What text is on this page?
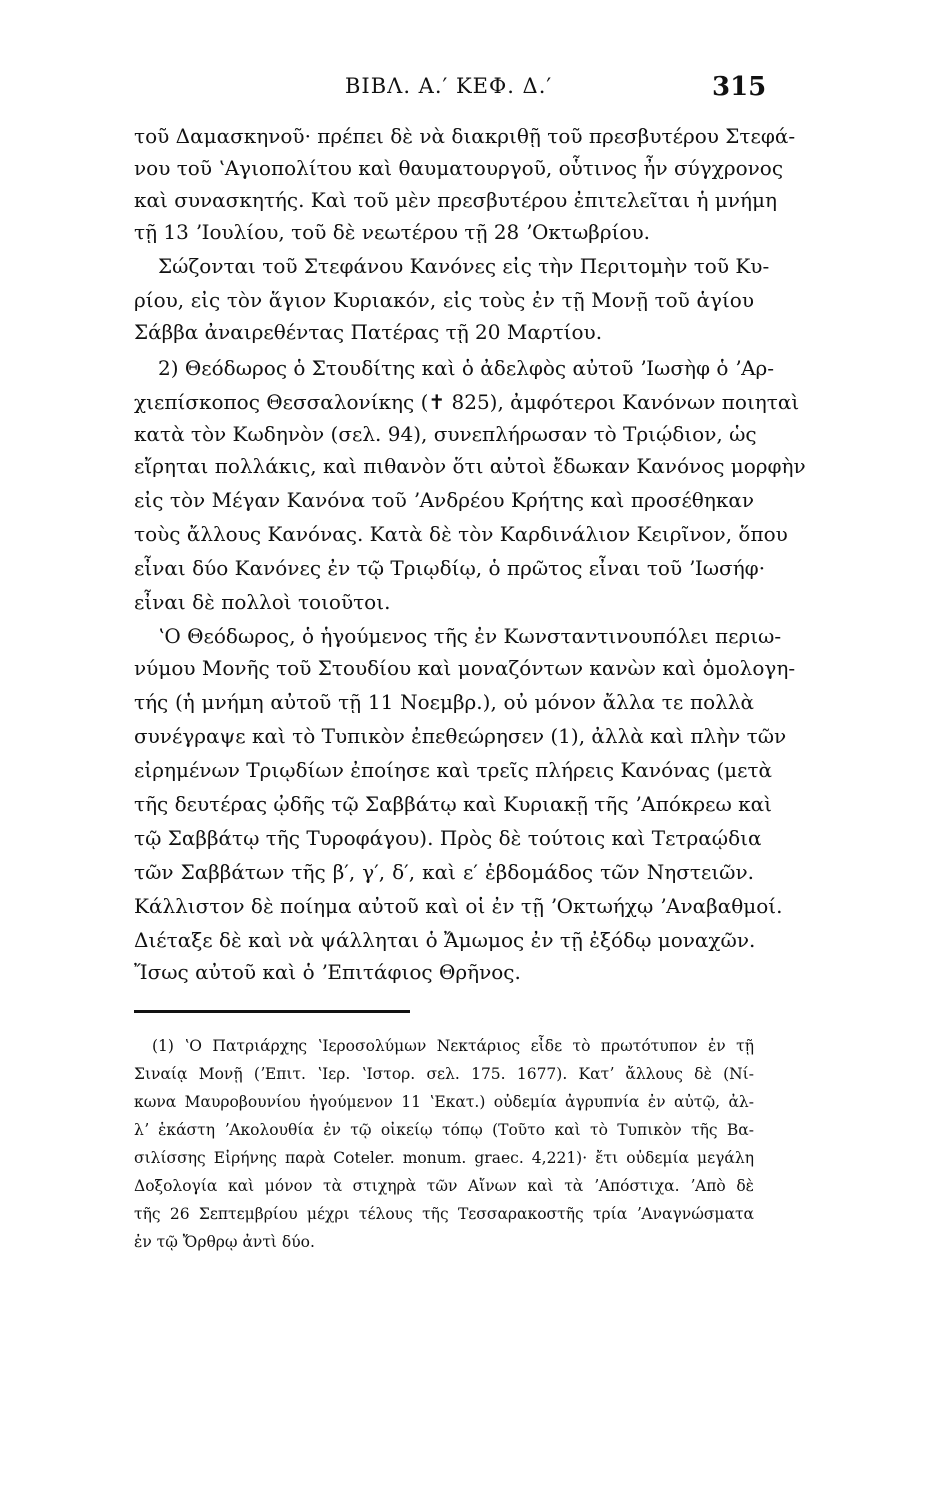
ΒΙΒΛ. Α.′ ΚΕΦ. Δ.′	315
τοῦ Δαμασκηνοῦ· πρέπει δὲ νὰ διακριθῇ τοῦ πρεσβυτέρου Στεφά-
νου τοῦ ʽΑγιοπολίτου καὶ θαυματουργοῦ, οὗτινος ἦν σύγχρονος
καὶ συνασκητής. Καὶ τοῦ μὲν πρεσβυτέρου ἐπιτελεῖται ἡ μνήμη
τῇ 13 ʼΙουλίου, τοῦ δὲ νεωτέρου τῇ 28 ʼΟκτωβρίου.
Σώζονται τοῦ Στεφάνου Κανόνες εἰς τὴν Περιτομὴν τοῦ Κυ-
ρίου, εἰς τὸν ἅγιον Κυριακόν, εἰς τοὺς ἐν τῇ Μονῇ τοῦ ἁγίου
Σάββα ἀναιρεθέντας Πατέρας τῇ 20 Μαρτίου.
2) Θεόδωρος ὁ Στουδίτης καὶ ὁ ἀδελφὸς αὐτοῦ ʼΙωσὴφ ὁ ʼΑρ-
χιεπίσκοπος Θεσσαλονίκης (✝ 825), ἀμφότεροι Κανόνων ποιηταὶ
κατὰ τὸν Κωδηνὸν (σελ. 94), συνεπλήρωσαν τὸ Τριῴδιον, ὡς
εἴρηται πολλάκις, καὶ πιθανὸν ὅτι αὐτοὶ ἔδωκαν Κανόνος μορφὴν
εἰς τὸν Μέγαν Κανόνα τοῦ ʼΑνδρέου Κρήτης καὶ προσέθηκαν
τοὺς ἄλλους Κανόνας. Κατὰ δὲ τὸν Καρδινάλιον Κειρῖνον, ὅπου
εἶναι δύο Κανόνες ἐν τῷ Τριῳδίῳ, ὁ πρῶτος εἶναι τοῦ ʼΙωσήφ·
εἶναι δὲ πολλοὶ τοιοῦτοι.
ʽΟ Θεόδωρος, ὁ ἡγούμενος τῆς ἐν Κωνσταντινουπόλει περιω-
νύμου Μονῆς τοῦ Στουδίου καὶ μοναζόντων κανὼν καὶ ὁμολογη-
τής (ἡ μνήμη αὐτοῦ τῇ 11 Νοεμβρ.), οὐ μόνον ἄλλα τε πολλὰ
συνέγραψε καὶ τὸ Τυπικὸν ἐπεθεώρησεν (1), ἀλλὰ καὶ πλὴν τῶν
εἰρημένων Τριῳδίων ἐποίησε καὶ τρεῖς πλήρεις Κανόνας (μετὰ
τῆς δευτέρας ᾠδῆς τῷ Σαββάτῳ καὶ Κυριακῇ τῆς ʼΑπόκρεω καὶ
τῷ Σαββάτῳ τῆς Τυροφάγου). Πρὸς δὲ τούτοις καὶ Τετραῴδια
τῶν Σαββάτων τῆς β′, γ′, δ′, καὶ ε′ ἑβδομάδος τῶν Νηστειῶν.
Κάλλιστον δὲ ποίημα αὐτοῦ καὶ οἱ ἐν τῇ ʼΟκτωήχῳ ʼΑναβαθμοί.
Διέταξε δὲ καὶ νὰ ψάλληται ὁ Ἄμωμος ἐν τῇ ἐξόδῳ μοναχῶν.
Ἴσως αὐτοῦ καὶ ὁ ʼΕπιτάφιος Θρῆνος.
(1) ʽΟ Πατριάρχης ʽΙεροσολύμων Νεκτάριος εἶδε τὸ πρωτότυπον ἐν τῇ
Σιναίᾳ Μονῇ (ʼΕπιτ. ʽΙερ. ʽΙστορ. σελ. 175. 1677). Κατʼ ἄλλους δὲ (Νί-
κωνα Μαυροβουνίου ἡγούμενον 11 ʽΕκατ.) οὐδεμία ἀγρυπνία ἐν αὐτῷ, ἀλ-
λʼ ἑκάστη ʼΑκολουθία ἐν τῷ οἰκείῳ τόπῳ (Τοῦτο καὶ τὸ Τυπικὸν τῆς Βα-
σιλίσσης Εἰρήνης παρὰ Coteler. monum. graec. 4,221)· ἔτι οὐδεμία μεγάλη
Δοξολογία καὶ μόνον τὰ στιχηρὰ τῶν Αἴνων καὶ τὰ ʼΑπόστιχα. ʼΑπὸ δὲ
τῆς 26 Σεπτεμβρίου μέχρι τέλους τῆς Τεσσαρακοστῆς τρία ʼΑναγνώσματα
ἐν τῷ Ὄρθρῳ ἀντὶ δύο.
